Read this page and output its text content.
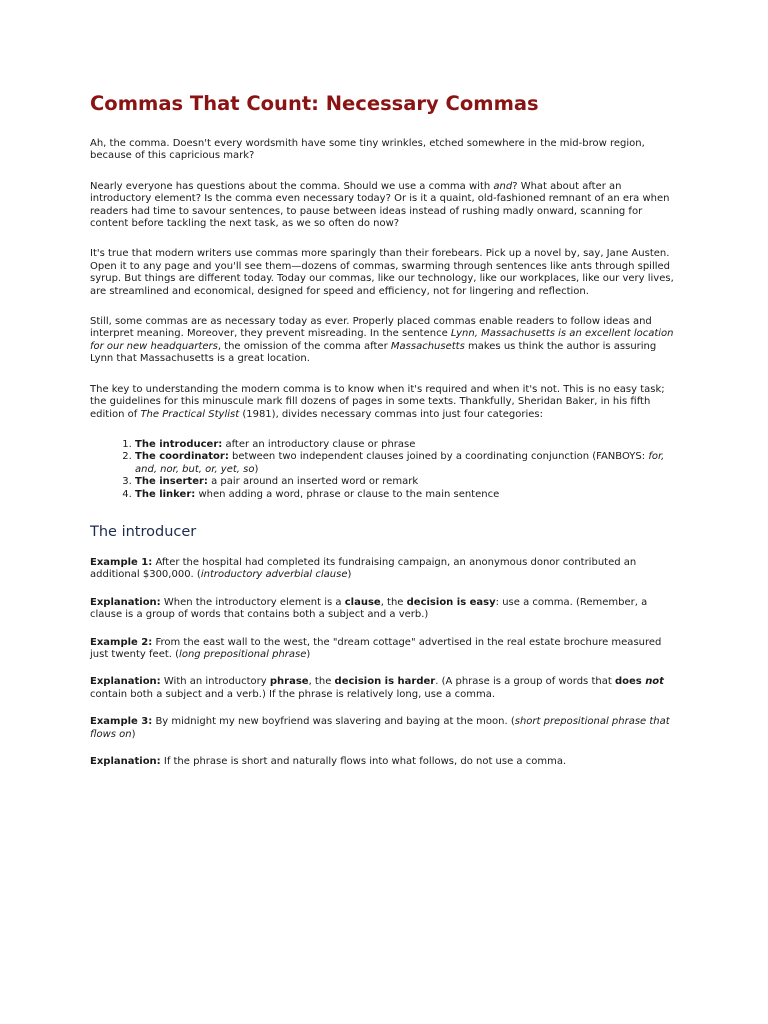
Commas That Count: Necessary Commas

Ah, the comma. Doesn't every wordsmith have some tiny wrinkles, etched somewhere in the mid-brow region, because of this capricious mark?

Nearly everyone has questions about the comma. Should we use a comma with and? What about after an introductory element? Is the comma even necessary today? Or is it a quaint, old-fashioned remnant of an era when readers had time to savour sentences, to pause between ideas instead of rushing madly onward, scanning for content before tackling the next task, as we so often do now?

It's true that modern writers use commas more sparingly than their forebears. Pick up a novel by, say, Jane Austen. Open it to any page and you'll see them—dozens of commas, swarming through sentences like ants through spilled syrup. But things are different today. Today our commas, like our technology, like our workplaces, like our very lives, are streamlined and economical, designed for speed and efficiency, not for lingering and reflection.

Still, some commas are as necessary today as ever. Properly placed commas enable readers to follow ideas and interpret meaning. Moreover, they prevent misreading. In the sentence Lynn, Massachusetts is an excellent location for our new headquarters, the omission of the comma after Massachusetts makes us think the author is assuring Lynn that Massachusetts is a great location.

The key to understanding the modern comma is to know when it's required and when it's not. This is no easy task; the guidelines for this minuscule mark fill dozens of pages in some texts. Thankfully, Sheridan Baker, in his fifth edition of The Practical Stylist (1981), divides necessary commas into just four categories:

1. The introducer: after an introductory clause or phrase
2. The coordinator: between two independent clauses joined by a coordinating conjunction (FANBOYS: for, and, nor, but, or, yet, so)
3. The inserter: a pair around an inserted word or remark
4. The linker: when adding a word, phrase or clause to the main sentence
The introducer

Example 1: After the hospital had completed its fundraising campaign, an anonymous donor contributed an additional $300,000. (introductory adverbial clause)

Explanation: When the introductory element is a clause, the decision is easy: use a comma. (Remember, a clause is a group of words that contains both a subject and a verb.)

Example 2: From the east wall to the west, the "dream cottage" advertised in the real estate brochure measured just twenty feet. (long prepositional phrase)

Explanation: With an introductory phrase, the decision is harder. (A phrase is a group of words that does not contain both a subject and a verb.) If the phrase is relatively long, use a comma.

Example 3: By midnight my new boyfriend was slavering and baying at the moon. (short prepositional phrase that flows on)

Explanation: If the phrase is short and naturally flows into what follows, do not use a comma.
